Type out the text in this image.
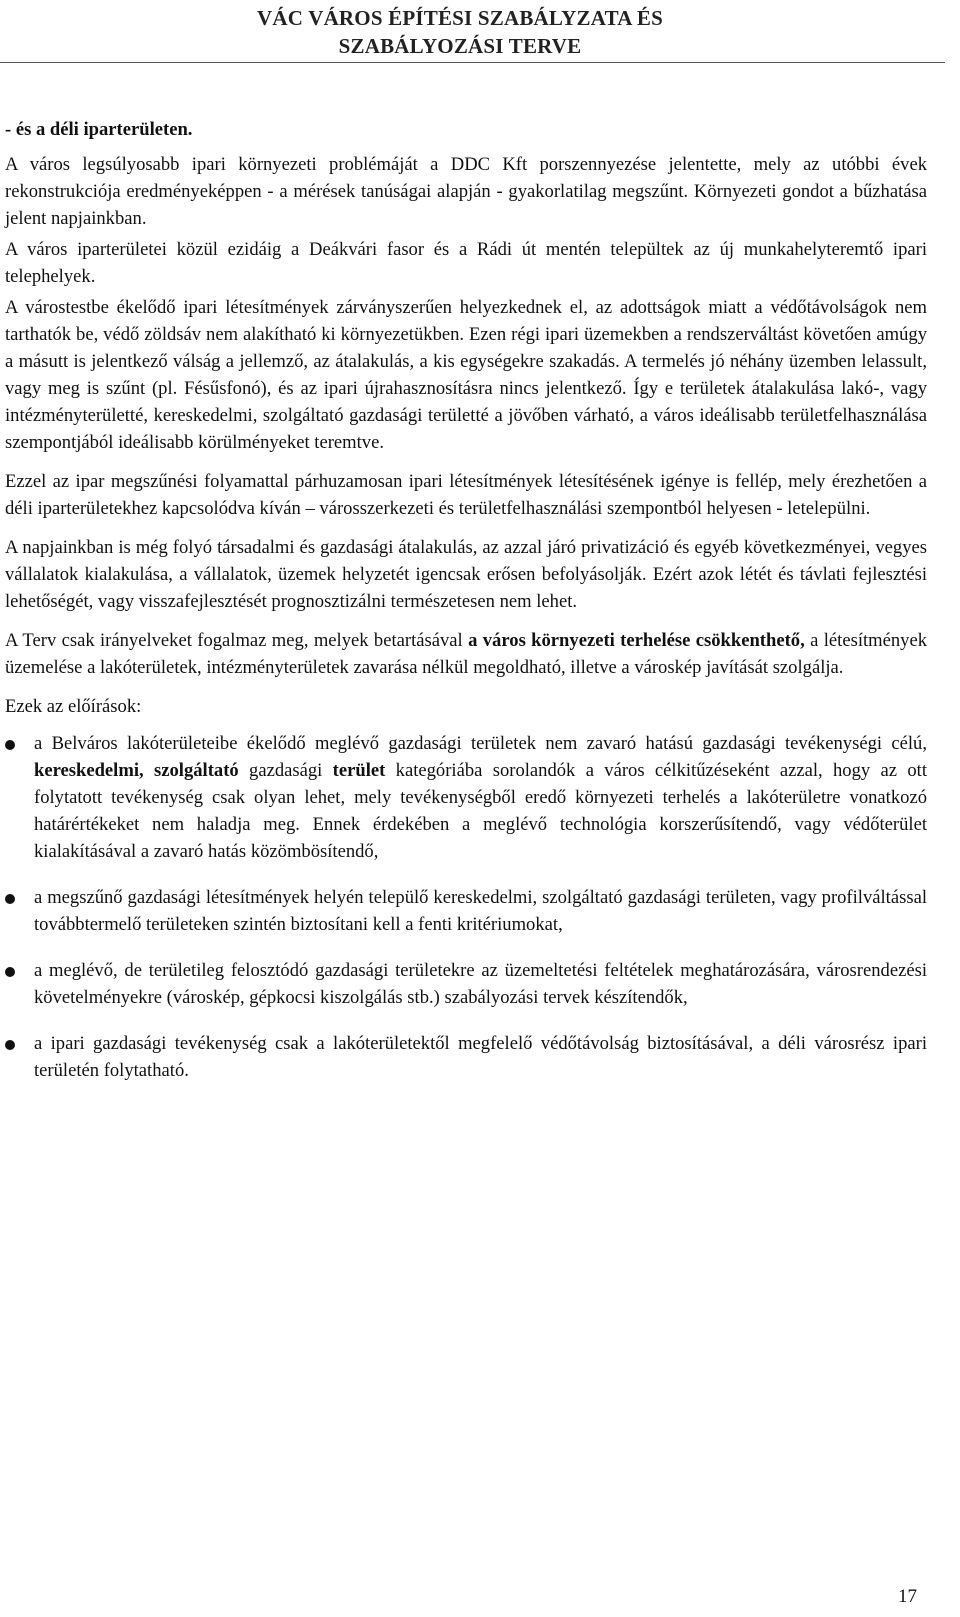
VÁC VÁROS ÉPÍTÉSI SZABÁLYZATA ÉS
SZABÁLYOZÁSI TERVE

- és a déli iparterületen.

A város legsúlyosabb ipari környezeti problémáját a DDC Kft porszennyezése jelentette, mely az utóbbi évek rekonstrukciója eredményeképpen - a mérések tanúságai alapján - gyakorlatilag megszűnt. Környezeti gondot a bűzhatása jelent napjainkban.

A város iparterületei közül ezidáig a Deákvári fasor és a Rádi út mentén települtek az új munkahelyteremtő ipari telephelyek.

A várostestbe ékelődő ipari létesítmények zárványszerűen helyezkednek el, az adottságok miatt a védőtávolságok nem tarthatók be, védő zöldsáv nem alakítható ki környezetükben. Ezen régi ipari üzemekben a rendszerváltást követően amúgy a másutt is jelentkező válság a jellemző, az átalakulás, a kis egységekre szakadás. A termelés jó néhány üzemben lelassult, vagy meg is szűnt (pl. Fésűsfonó), és az ipari újrahasznosításra nincs jelentkező. Így e területek átalakulása lakó-, vagy intézményterületté, kereskedelmi, szolgáltató gazdasági területté a jövőben várható, a város ideálisabb területfelhasználása szempontjából ideálisabb körülményeket teremtve.

Ezzel az ipar megszűnési folyamattal párhuzamosan ipari létesítmények létesítésének igénye is fellép, mely érezhetően a déli iparterületekhez kapcsolódva kíván – városszerkezeti és területfelhasználási szempontból helyesen - letelepülni.

A napjainkban is még folyó társadalmi és gazdasági átalakulás, az azzal járó privatizáció és egyéb következményei, vegyes vállalatok kialakulása, a vállalatok, üzemek helyzetét igencsak erősen befolyásolják. Ezért azok létét és távlati fejlesztési lehetőségét, vagy visszafejlesztését prognosztizálni természetesen nem lehet.

A Terv csak irányelveket fogalmaz meg, melyek betartásával a város környezeti terhelése csökkenthető, a létesítmények üzemelése a lakóterületek, intézményterületek zavarása nélkül megoldható, illetve a városkép javítását szolgálja.

Ezek az előírások:

a Belváros lakóterületeibe ékelődő meglévő gazdasági területek nem zavaró hatású gazdasági tevékenységi célú, kereskedelmi, szolgáltató gazdasági terület kategóriába sorolandók a város célkitűzéseként azzal, hogy az ott folytatott tevékenység csak olyan lehet, mely tevékenységből eredő környezeti terhelés a lakóterületre vonatkozó határértékeket nem haladja meg. Ennek érdekében a meglévő technológia korszerűsítendő, vagy védőterület kialakításával a zavaró hatás közömbösítendő,
a megszűnő gazdasági létesítmények helyén települő kereskedelmi, szolgáltató gazdasági területen, vagy profilváltással továbbtermelő területeken szintén biztosítani kell a fenti kritériumokat,
a meglévő, de területileg felosztódó gazdasági területekre az üzemeltetési feltételek meghatározására, városrendezési követelményekre (városkép, gépkocsi kiszolgálás stb.) szabályozási tervek készítendők,
a ipari gazdasági tevékenység csak a lakóterületektől megfelelő védőtávolság biztosításával, a déli városrész ipari területén folytatható.
17
